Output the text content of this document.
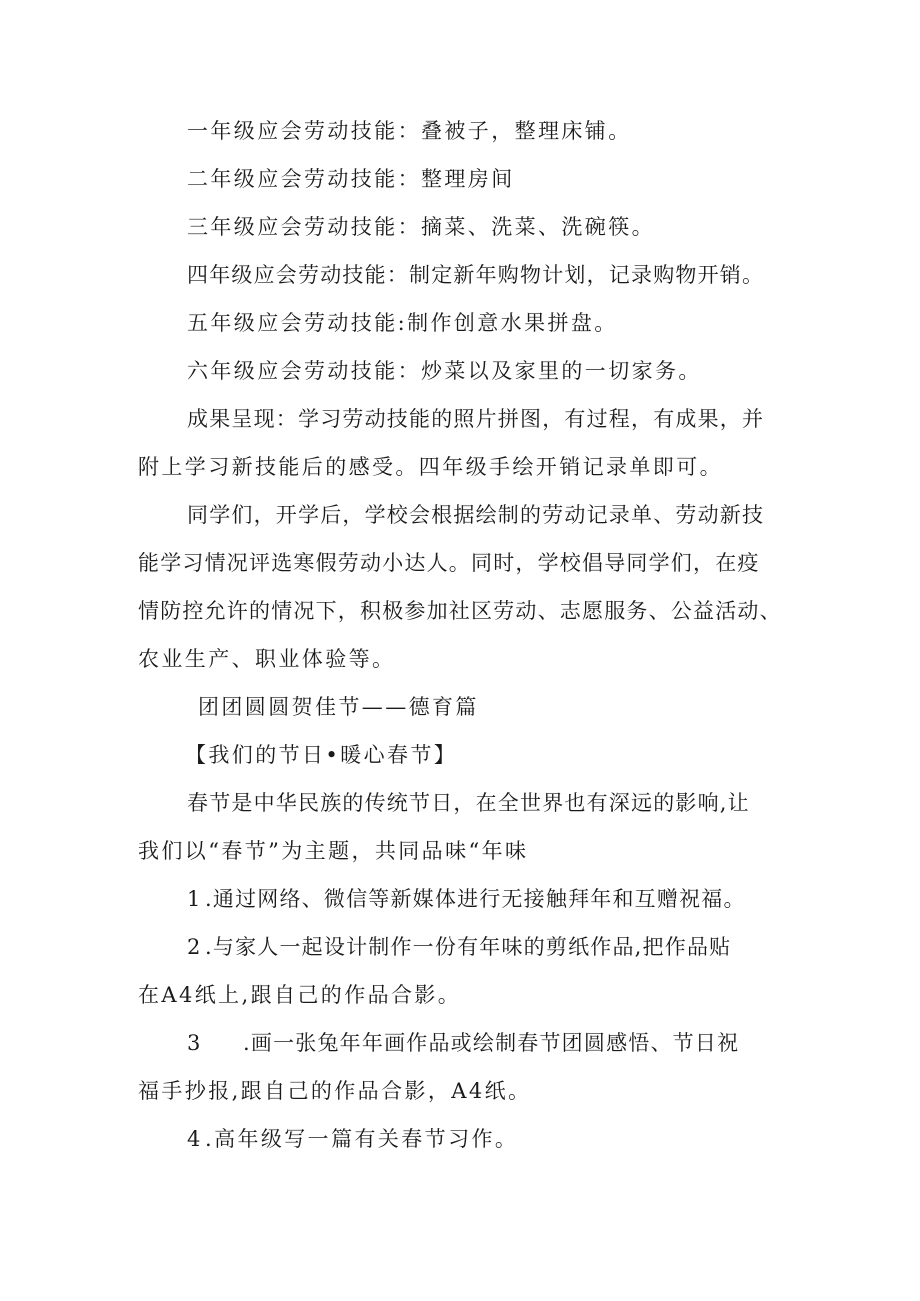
一年级应会劳动技能：叠被子，整理床铺。
二年级应会劳动技能：整理房间
三年级应会劳动技能：摘菜、洗菜、洗碗筷。
四年级应会劳动技能：制定新年购物计划，记录购物开销。
五年级应会劳动技能:制作创意水果拼盘。
六年级应会劳动技能：炒菜以及家里的一切家务。
成果呈现：学习劳动技能的照片拼图，有过程，有成果，并
附上学习新技能后的感受。四年级手绘开销记录单即可。
同学们，开学后，学校会根据绘制的劳动记录单、劳动新技
能学习情况评选寒假劳动小达人。同时，学校倡导同学们，在疫
情防控允许的情况下，积极参加社区劳动、志愿服务、公益活动、
农业生产、职业体验等。
团团圆圆贺佳节——德育篇
【我们的节日•暖心春节】
春节是中华民族的传统节日，在全世界也有深远的影响,让
我们以“春节”为主题，共同品味“年味
1 .通过网络、微信等新媒体进行无接触拜年和互赠祝福。
2 .与家人一起设计制作一份有年味的剪纸作品,把作品贴
在A4纸上,跟自己的作品合影。
3 .画一张兔年年画作品或绘制春节团圆感悟、节日祝
福手抄报,跟自己的作品合影，A4纸。
4 .高年级写一篇有关春节习作。
